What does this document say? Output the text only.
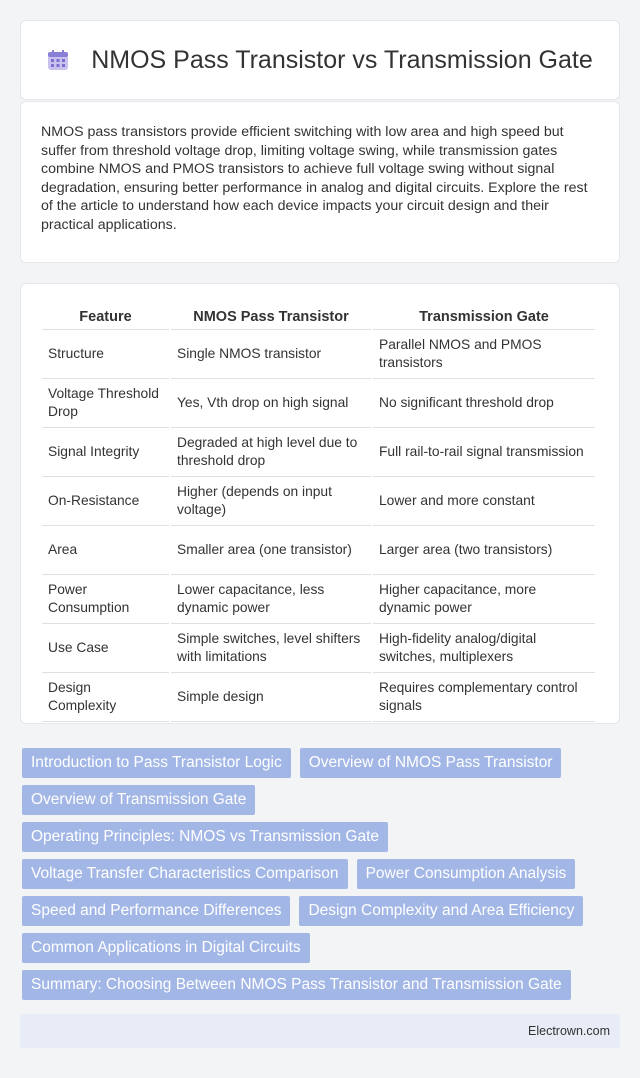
NMOS Pass Transistor vs Transmission Gate

NMOS pass transistors provide efficient switching with low area and high speed but suffer from threshold voltage drop, limiting voltage swing, while transmission gates combine NMOS and PMOS transistors to achieve full voltage swing without signal degradation, ensuring better performance in analog and digital circuits. Explore the rest of the article to understand how each device impacts your circuit design and their practical applications.

Feature	NMOS Pass Transistor	Transmission Gate
Structure	Single NMOS transistor	Parallel NMOS and PMOS transistors
Voltage Threshold Drop	Yes, Vth drop on high signal	No significant threshold drop
Signal Integrity	Degraded at high level due to threshold drop	Full rail-to-rail signal transmission
On-Resistance	Higher (depends on input voltage)	Lower and more constant
Area	Smaller area (one transistor)	Larger area (two transistors)
Power Consumption	Lower capacitance, less dynamic power	Higher capacitance, more dynamic power
Use Case	Simple switches, level shifters with limitations	High-fidelity analog/digital switches, multiplexers
Design Complexity	Simple design	Requires complementary control signals
Introduction to Pass Transistor Logic	Overview of NMOS Pass Transistor
Overview of Transmission Gate
Operating Principles: NMOS vs Transmission Gate
Voltage Transfer Characteristics Comparison	Power Consumption Analysis
Speed and Performance Differences	Design Complexity and Area Efficiency
Common Applications in Digital Circuits
Summary: Choosing Between NMOS Pass Transistor and Transmission Gate
Electrown.com
